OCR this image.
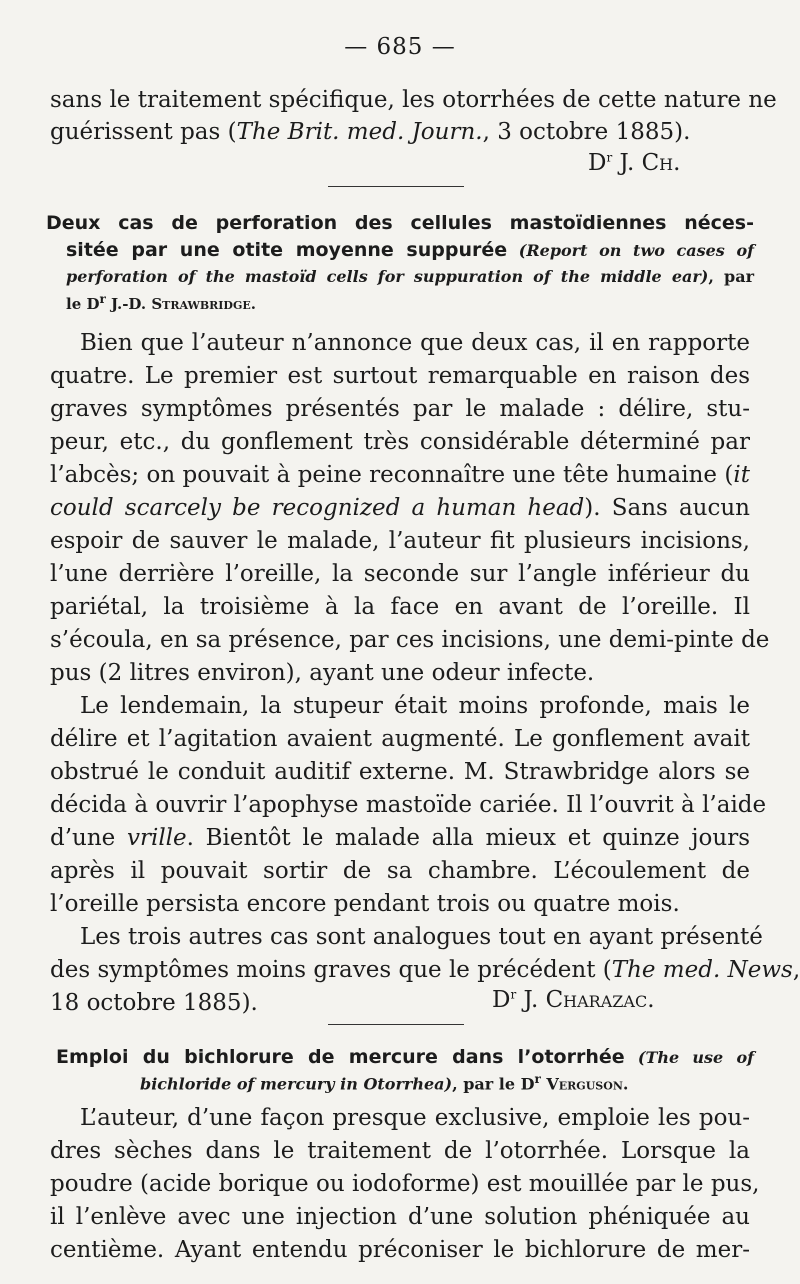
— 685 —
sans le traitement spécifique, les otorrhées de cette nature ne
guérissent pas (The Brit. med. Journ., 3 octobre 1885).
$D^r$ J. Ch.
Deux cas de perforation des cellules mastoïdiennes néces-
sitée par une otite moyenne suppurée (Report on two cases of
perforation of the mastoïd cells for suppuration of the middle ear), par
le $D^r$ J.-D. Strawbridge.
Bien que l’auteur n’annonce que deux cas, il en rapporte
quatre. Le premier est surtout remarquable en raison des
graves symptômes présentés par le malade : délire, stu-
peur, etc., du gonflement très considérable déterminé par
l’abcès; on pouvait à peine reconnaître une tête humaine (it
could scarcely be recognized a human head). Sans aucun
espoir de sauver le malade, l’auteur fit plusieurs incisions,
l’une derrière l’oreille, la seconde sur l’angle inférieur du
pariétal, la troisième à la face en avant de l’oreille. Il
s’écoula, en sa présence, par ces incisions, une demi-pinte de
pus (2 litres environ), ayant une odeur infecte.
Le lendemain, la stupeur était moins profonde, mais le
délire et l’agitation avaient augmenté. Le gonflement avait
obstrué le conduit auditif externe. M. Strawbridge alors se
décida à ouvrir l’apophyse mastoïde cariée. Il l’ouvrit à l’aide
d’une vrille. Bientôt le malade alla mieux et quinze jours
après il pouvait sortir de sa chambre. L’écoulement de
l’oreille persista encore pendant trois ou quatre mois.
Les trois autres cas sont analogues tout en ayant présenté
des symptômes moins graves que le précédent (The med. News,
18 octobre 1885).	$D^r$ J. Charazac.
Emploi du bichlorure de mercure dans l’otorrhée (The use of
bichloride of mercury in Otorrhea), par le $D^r$ Verguson.
L’auteur, d’une façon presque exclusive, emploie les pou-
dres sèches dans le traitement de l’otorrhée. Lorsque la
poudre (acide borique ou iodoforme) est mouillée par le pus,
il l’enlève avec une injection d’une solution phéniquée au
centième. Ayant entendu préconiser le bichlorure de mer-
